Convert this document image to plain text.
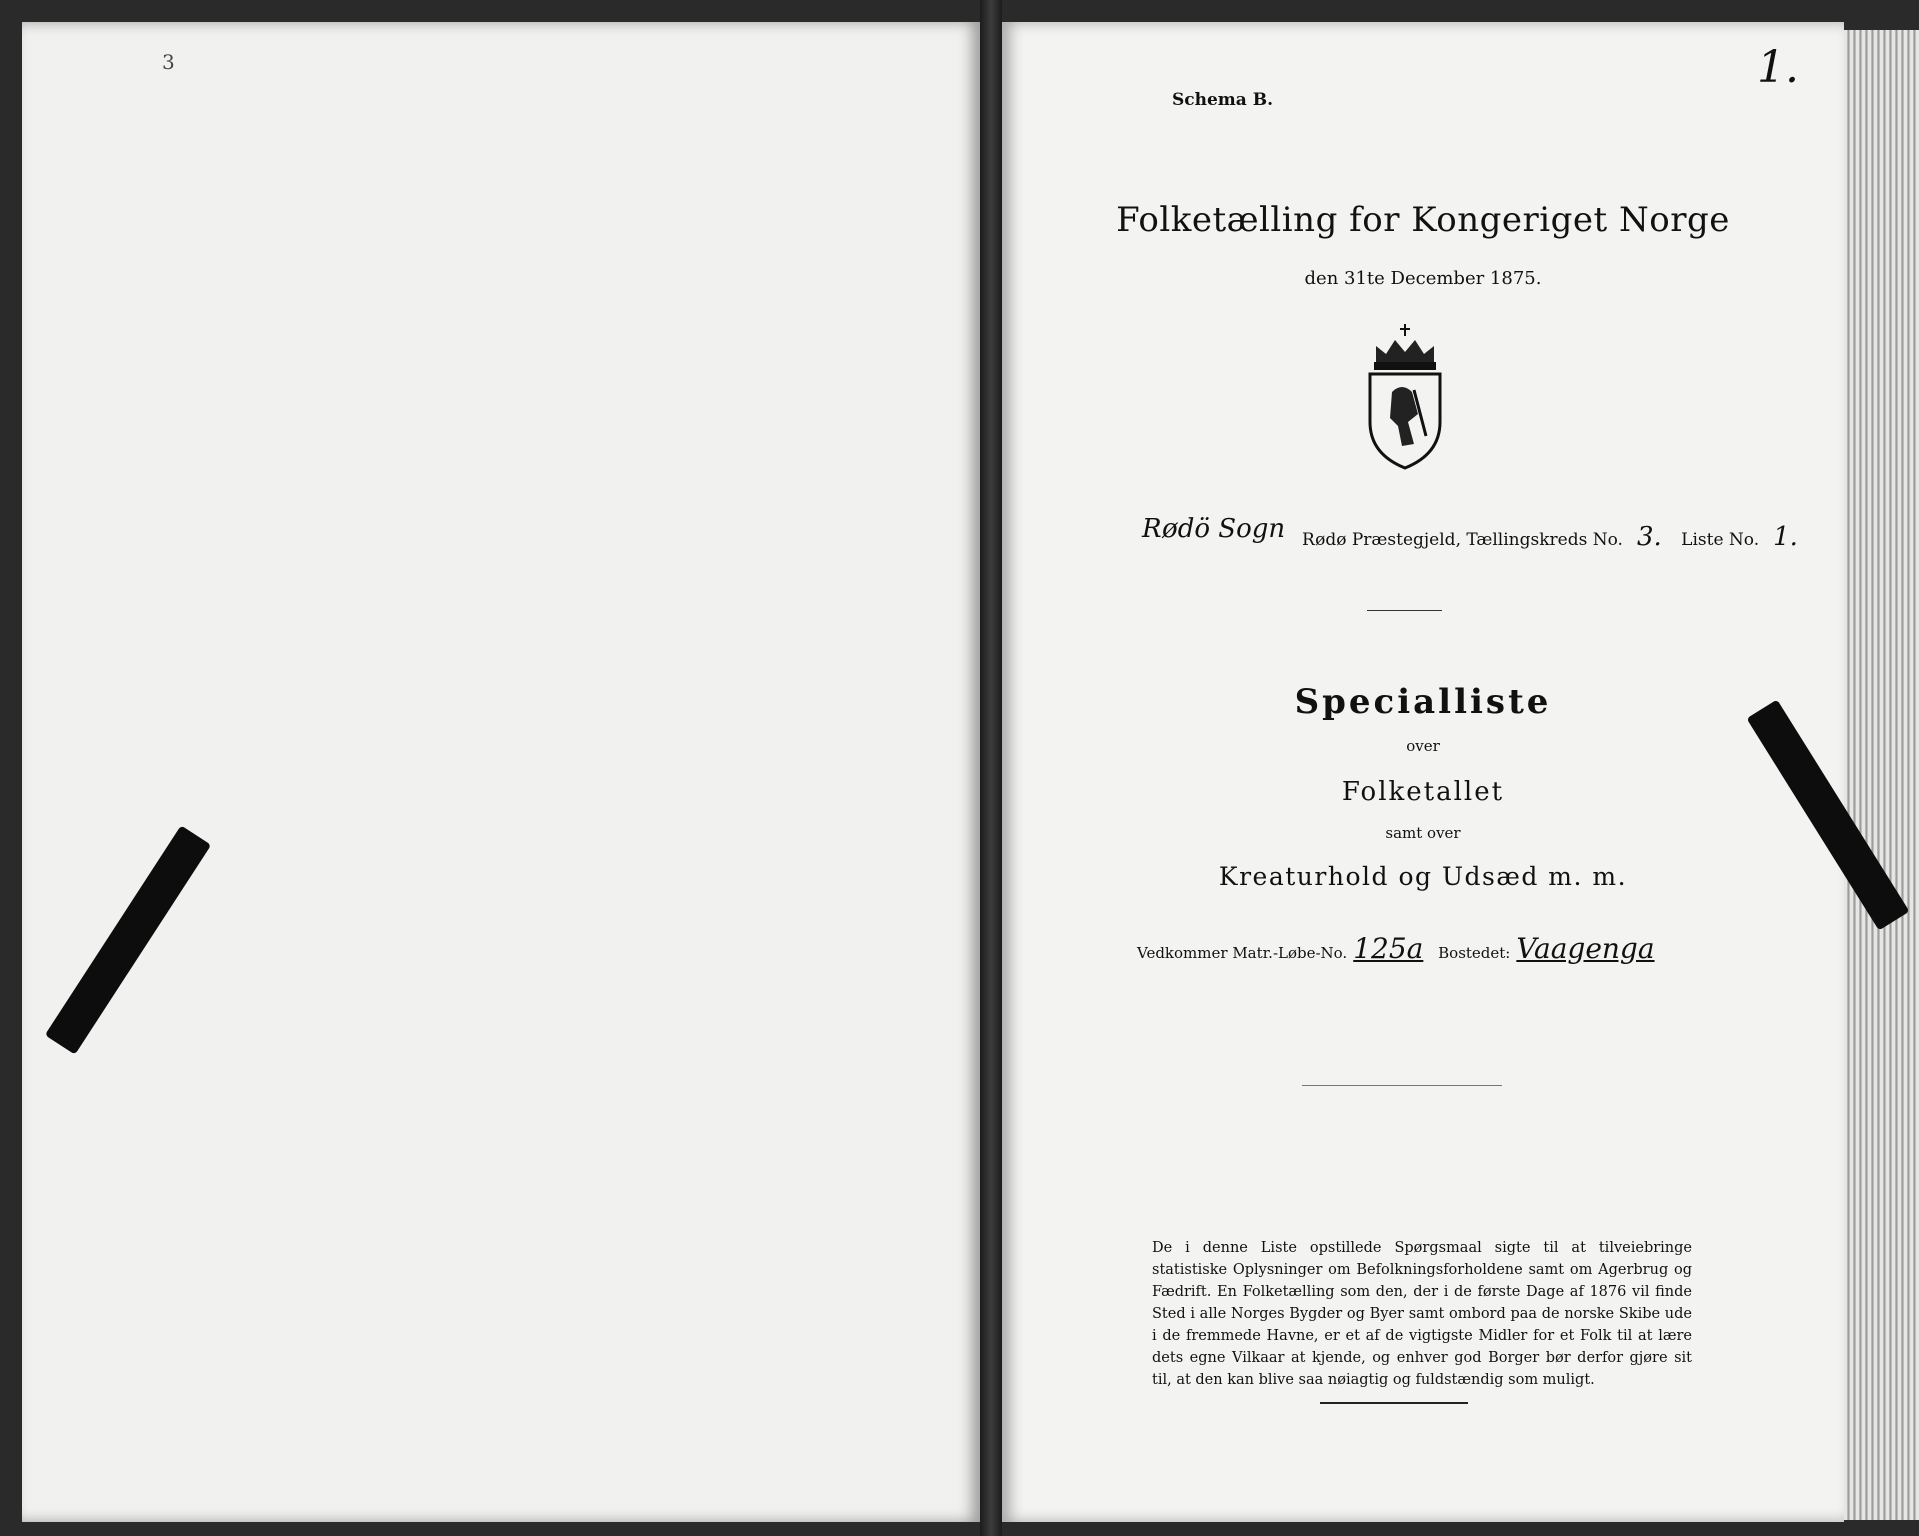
3
Schema B.
1.
Folketælling for Kongeriget Norge
den 31te December 1875.
Rødö Sogn Rødø Præstegjeld, Tællingskreds No. 3. Liste No. 1.
Specialliste
over
Folketallet
samt over
Kreaturhold og Udsæd m. m.
Vedkommer Matr.-Løbe-No. 125a Bostedet: Vaagenga

De i denne Liste opstillede Spørgsmaal sigte til at tilveiebringe statistiske Oplysninger om Befolkningsforholdene samt om Agerbrug og Fædrift. En Folketælling som den, der i de første Dage af 1876 vil finde Sted i alle Norges Bygder og Byer samt ombord paa de norske Skibe ude i de fremmede Havne, er et af de vigtigste Midler for et Folk til at lære dets egne Vilkaar at kjende, og enhver god Borger bør derfor gjøre sit til, at den kan blive saa nøiagtig og fuldstændig som muligt.
